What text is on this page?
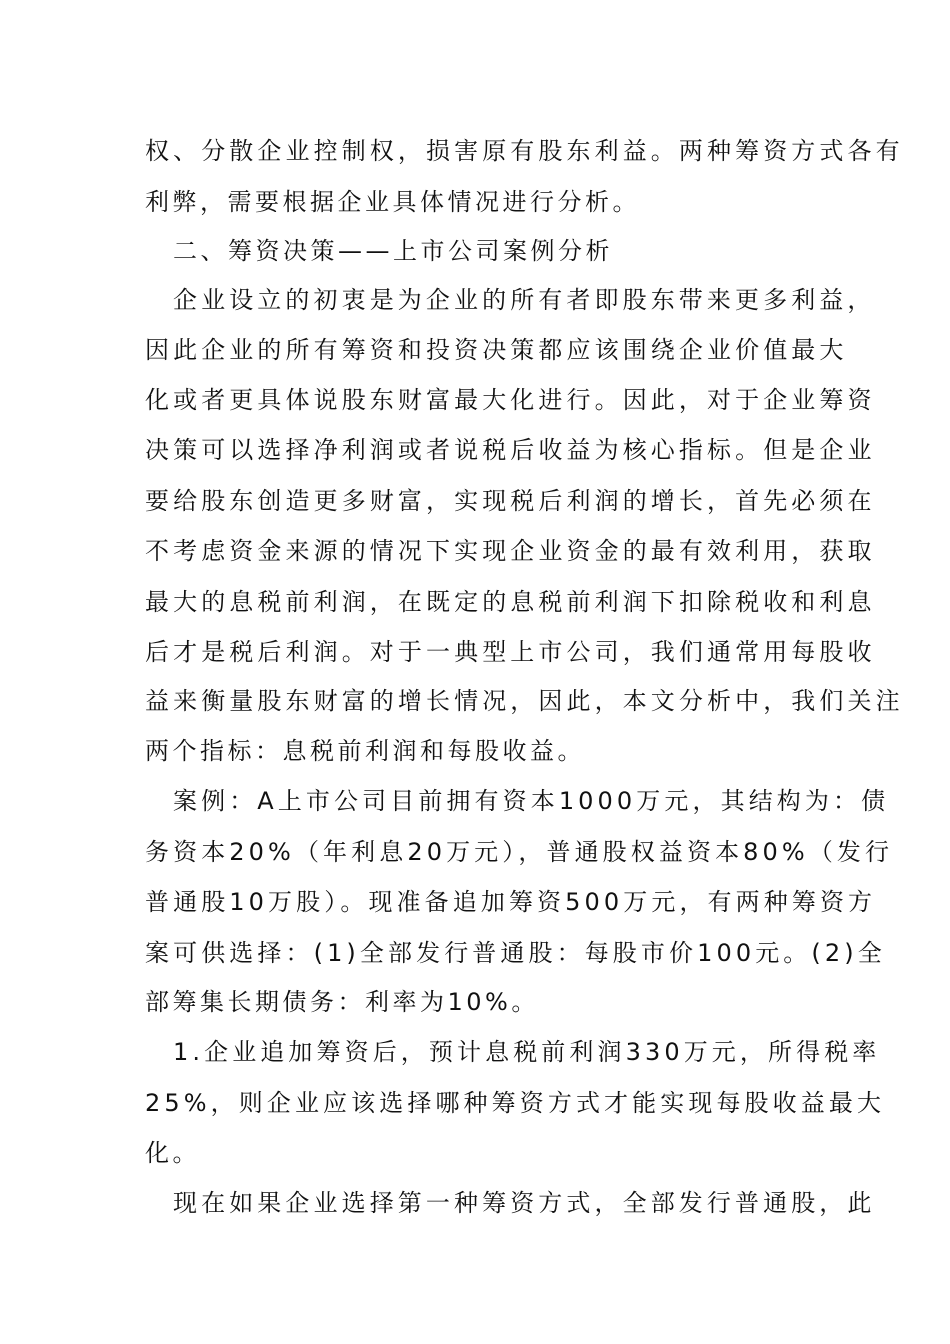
权、分散企业控制权，损害原有股东利益。两种筹资方式各有
利弊，需要根据企业具体情况进行分析。
二、筹资决策——上市公司案例分析
企业设立的初衷是为企业的所有者即股东带来更多利益，
因此企业的所有筹资和投资决策都应该围绕企业价值最大
化或者更具体说股东财富最大化进行。因此，对于企业筹资
决策可以选择净利润或者说税后收益为核心指标。但是企业
要给股东创造更多财富，实现税后利润的增长，首先必须在
不考虑资金来源的情况下实现企业资金的最有效利用，获取
最大的息税前利润，在既定的息税前利润下扣除税收和利息
后才是税后利润。对于一典型上市公司，我们通常用每股收
益来衡量股东财富的增长情况，因此，本文分析中，我们关注
两个指标：息税前利润和每股收益。
案例：A上市公司目前拥有资本1000万元，其结构为：债
务资本20%（年利息20万元），普通股权益资本80%（发行
普通股10万股）。现准备追加筹资500万元，有两种筹资方
案可供选择：(1)全部发行普通股：每股市价100元。(2)全
部筹集长期债务：利率为10%。
1.企业追加筹资后，预计息税前利润330万元，所得税率
25%，则企业应该选择哪种筹资方式才能实现每股收益最大
化。
现在如果企业选择第一种筹资方式，全部发行普通股，此
